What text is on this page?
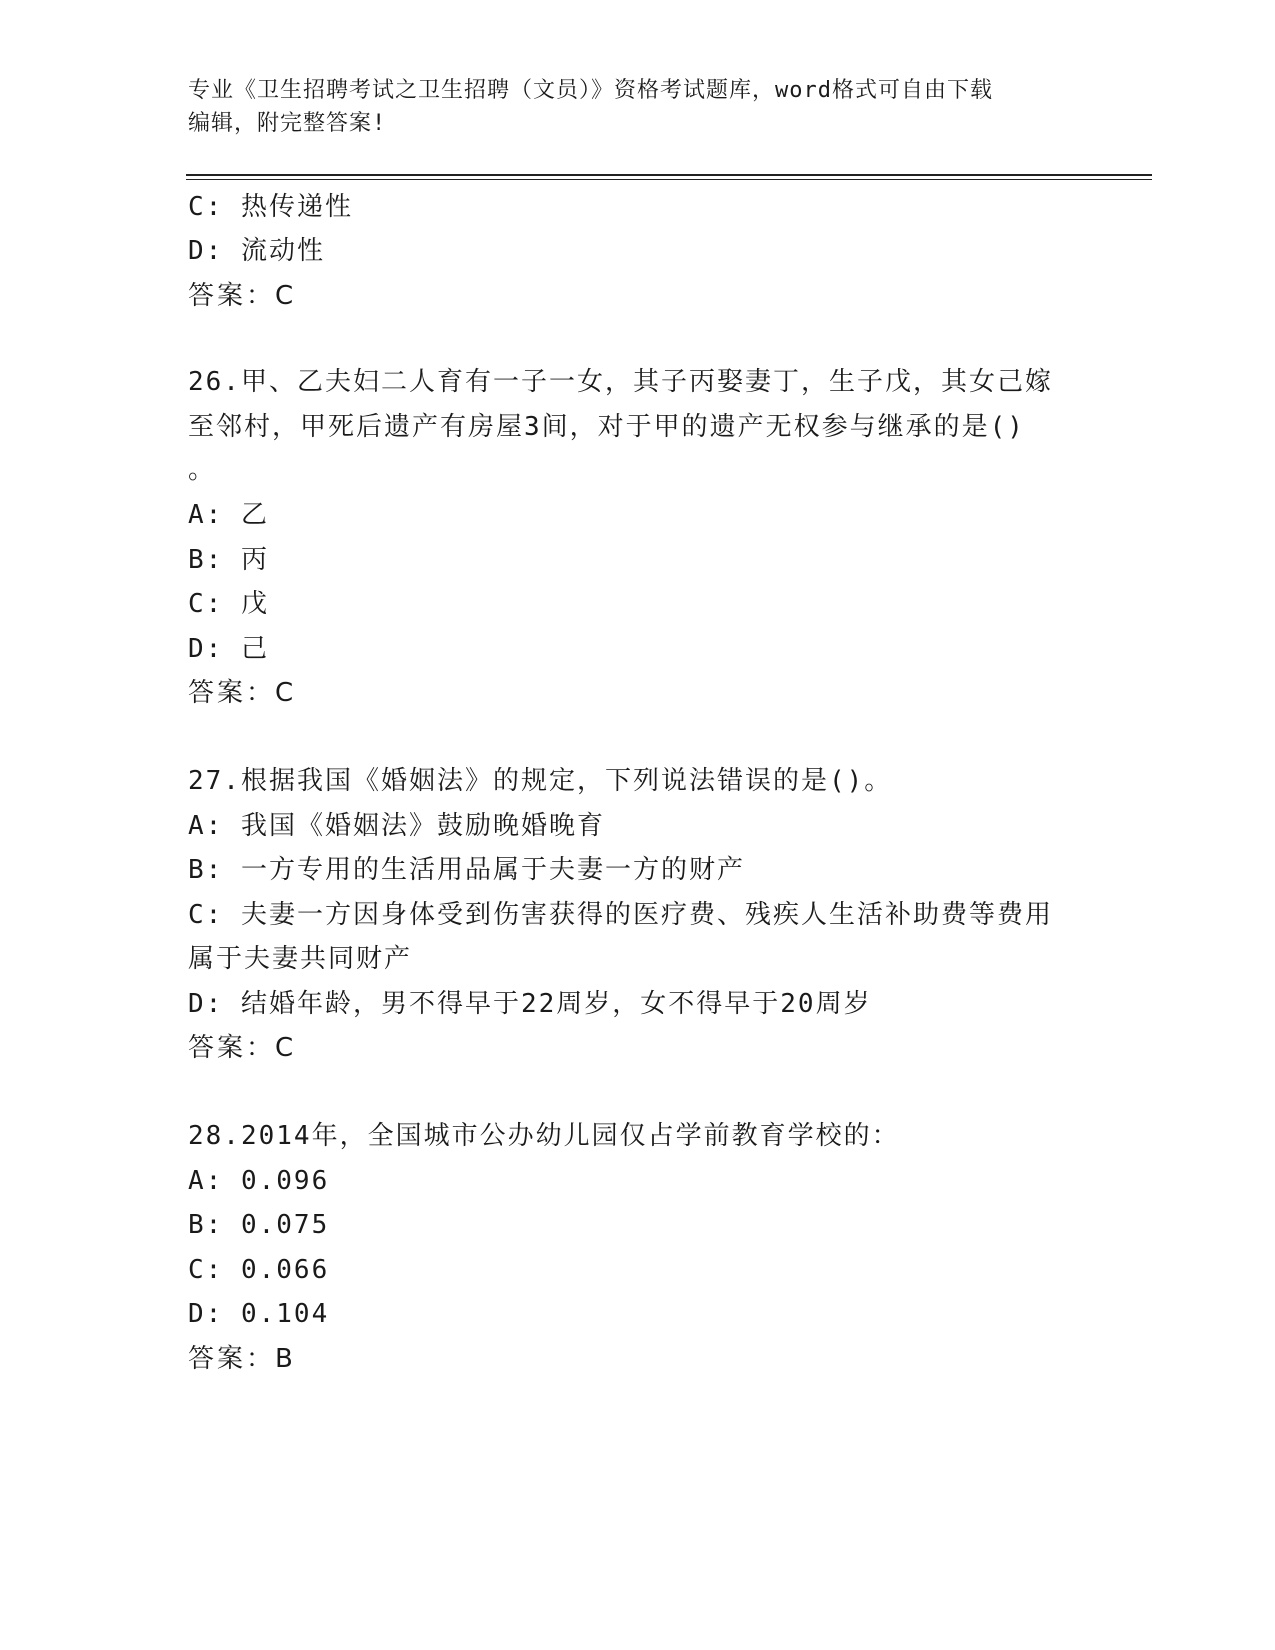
专业《卫生招聘考试之卫生招聘（文员）》资格考试题库，word格式可自由下载
编辑，附完整答案!
C: 热传递性
D: 流动性
答案：C
26.甲、乙夫妇二人育有一子一女，其子丙娶妻丁，生子戊，其女己嫁
至邻村，甲死后遗产有房屋3间，对于甲的遗产无权参与继承的是()
。
A: 乙
B: 丙
C: 戊
D: 己
答案：C
27.根据我国《婚姻法》的规定，下列说法错误的是()。
A: 我国《婚姻法》鼓励晚婚晚育
B: 一方专用的生活用品属于夫妻一方的财产
C: 夫妻一方因身体受到伤害获得的医疗费、残疾人生活补助费等费用
属于夫妻共同财产
D: 结婚年龄，男不得早于22周岁，女不得早于20周岁
答案：C
28.2014年，全国城市公办幼儿园仅占学前教育学校的：
A: 0.096
B: 0.075
C: 0.066
D: 0.104
答案：B
